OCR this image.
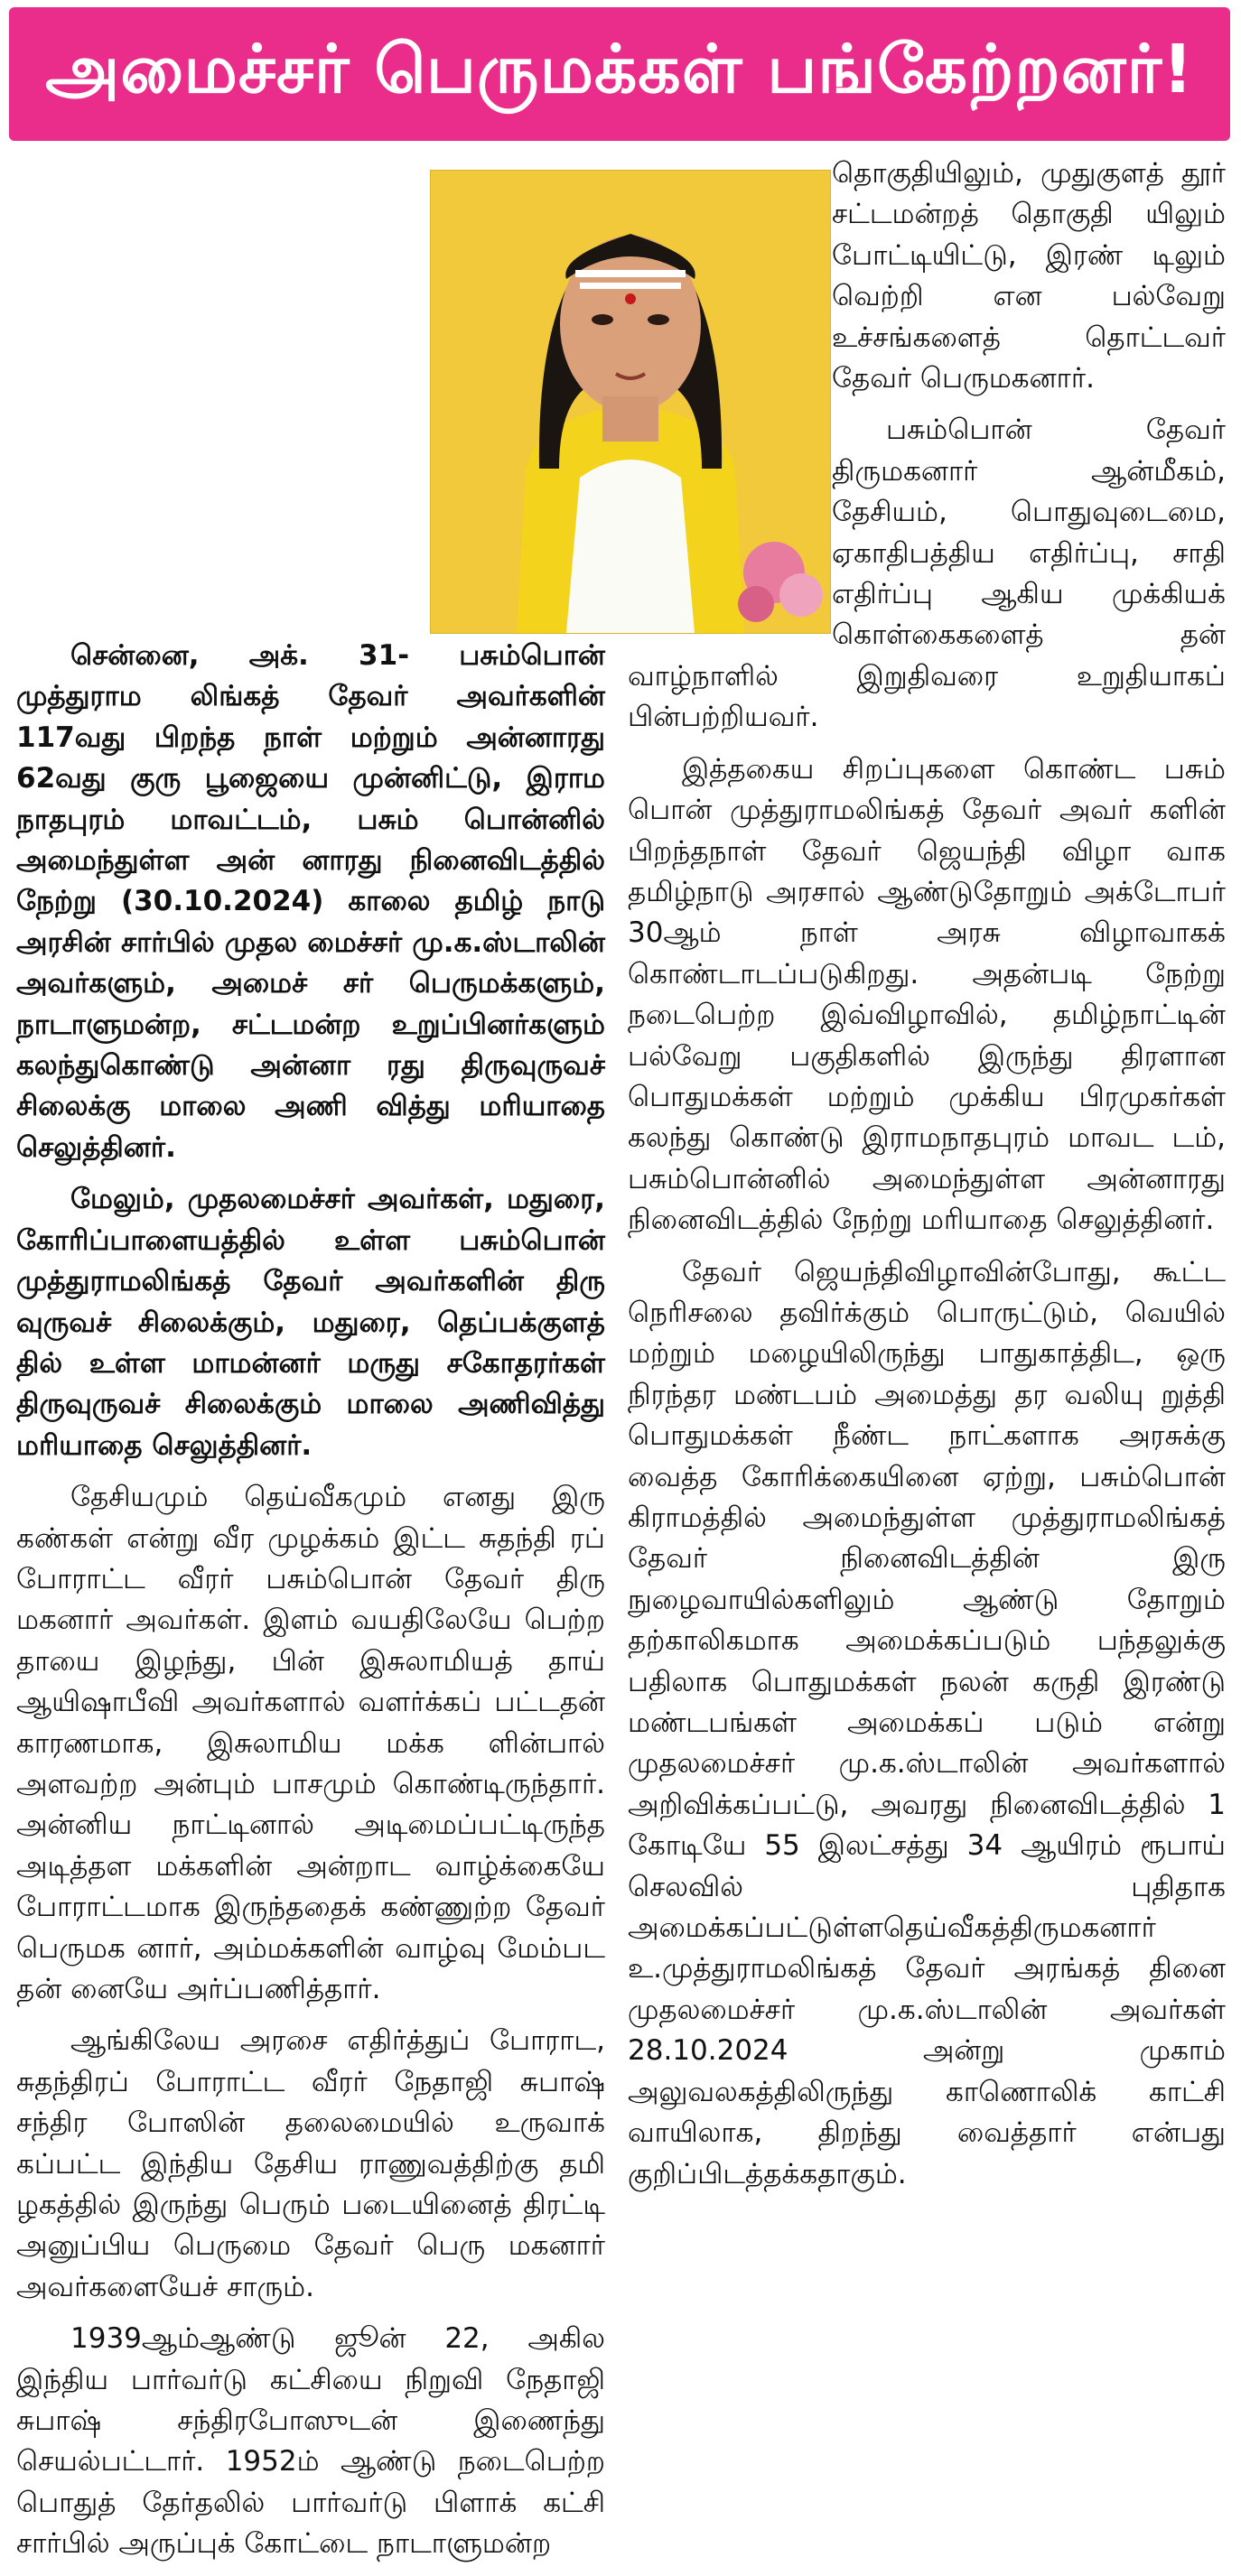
அமைச்சர் பெருமக்கள் பங்கேற்றனர்!

சென்னை, அக். 31- பசும்பொன் முத்துராம லிங்கத் தேவர் அவர்களின் 117வது பிறந்த நாள் மற்றும் அன்னாரது 62வது குரு பூஜையை முன்னிட்டு, இராம நாதபுரம் மாவட்டம், பசும் பொன்னில் அமைந்துள்ள அன் னாரது நினைவிடத்தில் நேற்று (30.10.2024) காலை தமிழ் நாடு அரசின் சார்பில் முதல மைச்சர் மு.க.ஸ்டாலின் அவர்களும், அமைச் சர் பெருமக்களும், நாடாளுமன்ற, சட்டமன்ற உறுப்பினர்களும் கலந்துகொண்டு அன்னா ரது திருவுருவச் சிலைக்கு மாலை அணி வித்து மரியாதை செலுத்தினர்.

மேலும், முதலமைச்சர் அவர்கள், மதுரை, கோரிப்பாளையத்தில் உள்ள பசும்பொன் முத்துராமலிங்கத் தேவர் அவர்களின் திரு வுருவச் சிலைக்கும், மதுரை, தெப்பக்குளத் தில் உள்ள மாமன்னர் மருது சகோதரர்கள் திருவுருவச் சிலைக்கும் மாலை அணிவித்து மரியாதை செலுத்தினர்.

தேசியமும் தெய்வீகமும் எனது இரு கண்கள் என்று வீர முழக்கம் இட்ட சுதந்தி ரப் போராட்ட வீரர் பசும்பொன் தேவர் திரு மகனார் அவர்கள். இளம் வயதிலேயே பெற்ற தாயை இழந்து, பின் இசுலாமியத் தாய் ஆயிஷாபீவி அவர்களால் வளர்க்கப் பட்டதன் காரணமாக, இசுலாமிய மக்க ளின்பால் அளவற்ற அன்பும் பாசமும் கொண்டிருந்தார். அன்னிய நாட்டினால் அடிமைப்பட்டிருந்த அடித்தள மக்களின் அன்றாட வாழ்க்கையே போராட்டமாக இருந்ததைக் கண்ணுற்ற தேவர் பெருமக னார், அம்மக்களின் வாழ்வு மேம்பட தன் னையே அர்ப்பணித்தார்.

ஆங்கிலேய அரசை எதிர்த்துப் போராட, சுதந்திரப் போராட்ட வீரர் நேதாஜி சுபாஷ் சந்திர போஸின் தலைமையில் உருவாக் கப்பட்ட இந்திய தேசிய ராணுவத்திற்கு தமி ழகத்தில் இருந்து பெரும் படையினைத் திரட்டி அனுப்பிய பெருமை தேவர் பெரு மகனார் அவர்களையேச் சாரும்.

1939ஆம்ஆண்டு ஜூன் 22, அகில இந்திய பார்வர்டு கட்சியை நிறுவி நேதாஜி சுபாஷ் சந்திரபோஸுடன் இணைந்து செயல்பட்டார். 1952ம் ஆண்டு நடைபெற்ற பொதுத் தேர்தலில் பார்வர்டு பிளாக் கட்சி சார்பில் அருப்புக் கோட்டை நாடாளுமன்ற

தொகுதியிலும், முதுகுளத் தூர் சட்டமன்றத் தொகுதி யிலும் போட்டியிட்டு, இரண் டிலும் வெற்றி என பல்வேறு உச்சங்களைத் தொட்டவர் தேவர் பெருமகனார்.

பசும்பொன் தேவர் திருமகனார் ஆன்மீகம், தேசியம், பொதுவுடைமை, ஏகாதிபத்திய எதிர்ப்பு, சாதி எதிர்ப்பு ஆகிய முக்கியக் கொள்கைகளைத் தன் வாழ்நாளில் இறுதிவரை உறுதியாகப் பின்பற்றியவர்.

இத்தகைய சிறப்புகளை கொண்ட பசும் பொன் முத்துராமலிங்கத் தேவர் அவர் களின் பிறந்தநாள் தேவர் ஜெயந்தி விழா வாக தமிழ்நாடு அரசால் ஆண்டுதோறும் அக்டோபர் 30ஆம் நாள் அரசு விழாவாகக் கொண்டாடப்படுகிறது. அதன்படி நேற்று நடைபெற்ற இவ்விழாவில், தமிழ்நாட்டின் பல்வேறு பகுதிகளில் இருந்து திரளான பொதுமக்கள் மற்றும் முக்கிய பிரமுகர்கள் கலந்து கொண்டு இராமநாதபுரம் மாவட டம், பசும்பொன்னில் அமைந்துள்ள அன்னாரது நினைவிடத்தில் நேற்று மரியாதை செலுத்தினர்.

தேவர் ஜெயந்திவிழாவின்போது, கூட்ட நெரிசலை தவிர்க்கும் பொருட்டும், வெயில் மற்றும் மழையிலிருந்து பாதுகாத்திட, ஒரு நிரந்தர மண்டபம் அமைத்து தர வலியு றுத்தி பொதுமக்கள் நீண்ட நாட்களாக அரசுக்கு வைத்த கோரிக்கையினை ஏற்று, பசும்பொன் கிராமத்தில் அமைந்துள்ள முத்துராமலிங்கத் தேவர் நினைவிடத்தின் இரு நுழைவாயில்களிலும் ஆண்டு தோறும் தற்காலிகமாக அமைக்கப்படும் பந்தலுக்கு பதிலாக பொதுமக்கள் நலன் கருதி இரண்டு மண்டபங்கள் அமைக்கப் படும் என்று முதலமைச்சர் மு.க.ஸ்டாலின் அவர்களால் அறிவிக்கப்பட்டு, அவரது நினைவிடத்தில் 1 கோடியே 55 இலட்சத்து 34 ஆயிரம் ரூபாய் செலவில் புதிதாக அமைக்கப்பட்டுள்ளதெய்வீகத்திருமகனார் உ.முத்துராமலிங்கத் தேவர் அரங்கத் தினை முதலமைச்சர் மு.க.ஸ்டாலின் அவர்கள் 28.10.2024 அன்று முகாம் அலுவலகத்திலிருந்து காணொலிக் காட்சி வாயிலாக, திறந்து வைத்தார் என்பது குறிப்பிடத்தக்கதாகும்.
